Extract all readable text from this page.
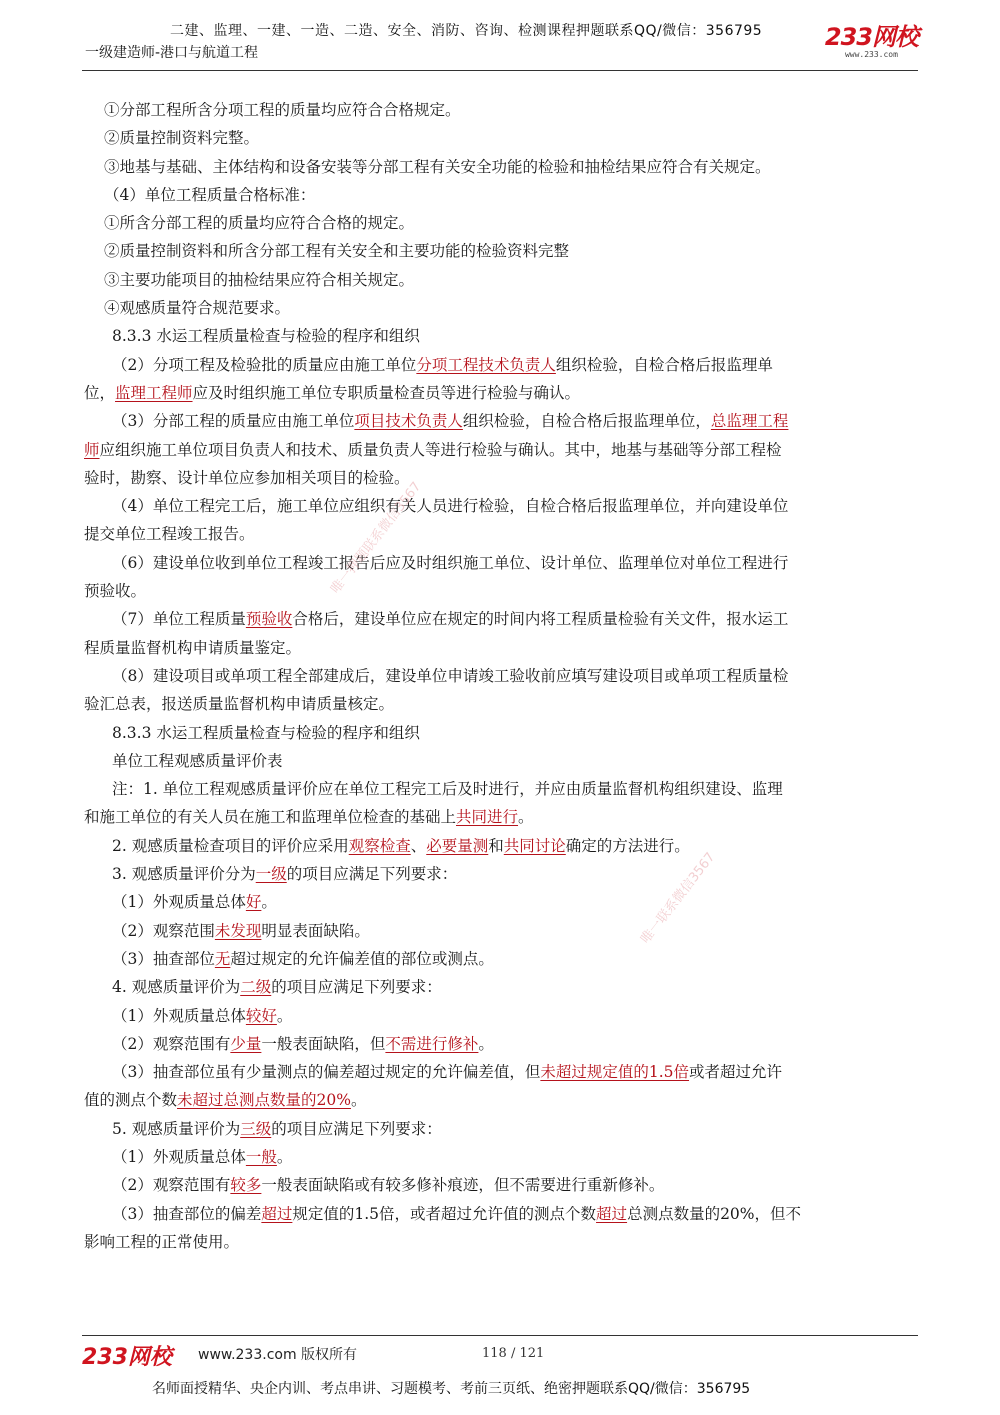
二建、监理、一建、一造、二造、安全、消防、咨询、检测课程押题联系QQ/微信：356795
一级建造师-港口与航道工程
233网校
www.233.com
①分部工程所含分项工程的质量均应符合合格规定。
②质量控制资料完整。
③地基与基础、主体结构和设备安装等分部工程有关安全功能的检验和抽检结果应符合有关规定。
（4）单位工程质量合格标准：
①所含分部工程的质量均应符合合格的规定。
②质量控制资料和所含分部工程有关安全和主要功能的检验资料完整
③主要功能项目的抽检结果应符合相关规定。
④观感质量符合规范要求。
8.3.3 水运工程质量检查与检验的程序和组织
（2）分项工程及检验批的质量应由施工单位分项工程技术负责人组织检验，自检合格后报监理单
位，监理工程师应及时组织施工单位专职质量检查员等进行检验与确认。
（3）分部工程的质量应由施工单位项目技术负责人组织检验，自检合格后报监理单位，总监理工程
师应组织施工单位项目负责人和技术、质量负责人等进行检验与确认。其中，地基与基础等分部工程检
验时，勘察、设计单位应参加相关项目的检验。
（4）单位工程完工后，施工单位应组织有关人员进行检验，自检合格后报监理单位，并向建设单位
提交单位工程竣工报告。
（6）建设单位收到单位工程竣工报告后应及时组织施工单位、设计单位、监理单位对单位工程进行
预验收。
（7）单位工程质量预验收合格后，建设单位应在规定的时间内将工程质量检验有关文件，报水运工
程质量监督机构申请质量鉴定。
（8）建设项目或单项工程全部建成后，建设单位申请竣工验收前应填写建设项目或单项工程质量检
验汇总表，报送质量监督机构申请质量核定。
8.3.3 水运工程质量检查与检验的程序和组织
单位工程观感质量评价表
注：1. 单位工程观感质量评价应在单位工程完工后及时进行，并应由质量监督机构组织建设、监理
和施工单位的有关人员在施工和监理单位检查的基础上共同进行。
2. 观感质量检查项目的评价应采用观察检查、必要量测和共同讨论确定的方法进行。
3. 观感质量评价分为一级的项目应满足下列要求：
（1）外观质量总体好。
（2）观察范围未发现明显表面缺陷。
（3）抽查部位无超过规定的允许偏差值的部位或测点。
4. 观感质量评价为二级的项目应满足下列要求：
（1）外观质量总体较好。
（2）观察范围有少量一般表面缺陷，但不需进行修补。
（3）抽查部位虽有少量测点的偏差超过规定的允许偏差值，但未超过规定值的1.5倍或者超过允许
值的测点个数未超过总测点数量的20%。
5. 观感质量评价为三级的项目应满足下列要求：
（1）外观质量总体一般。
（2）观察范围有较多一般表面缺陷或有较多修补痕迹，但不需要进行重新修补。
（3）抽查部位的偏差超过规定值的1.5倍，或者超过允许值的测点个数超过总测点数量的20%，但不
影响工程的正常使用。
唯一押题联系微信3567
唯一联系微信3567
233网校 www.233.com 版权所有	118 / 121
名师面授精华、央企内训、考点串讲、习题模考、考前三页纸、绝密押题联系QQ/微信：356795
